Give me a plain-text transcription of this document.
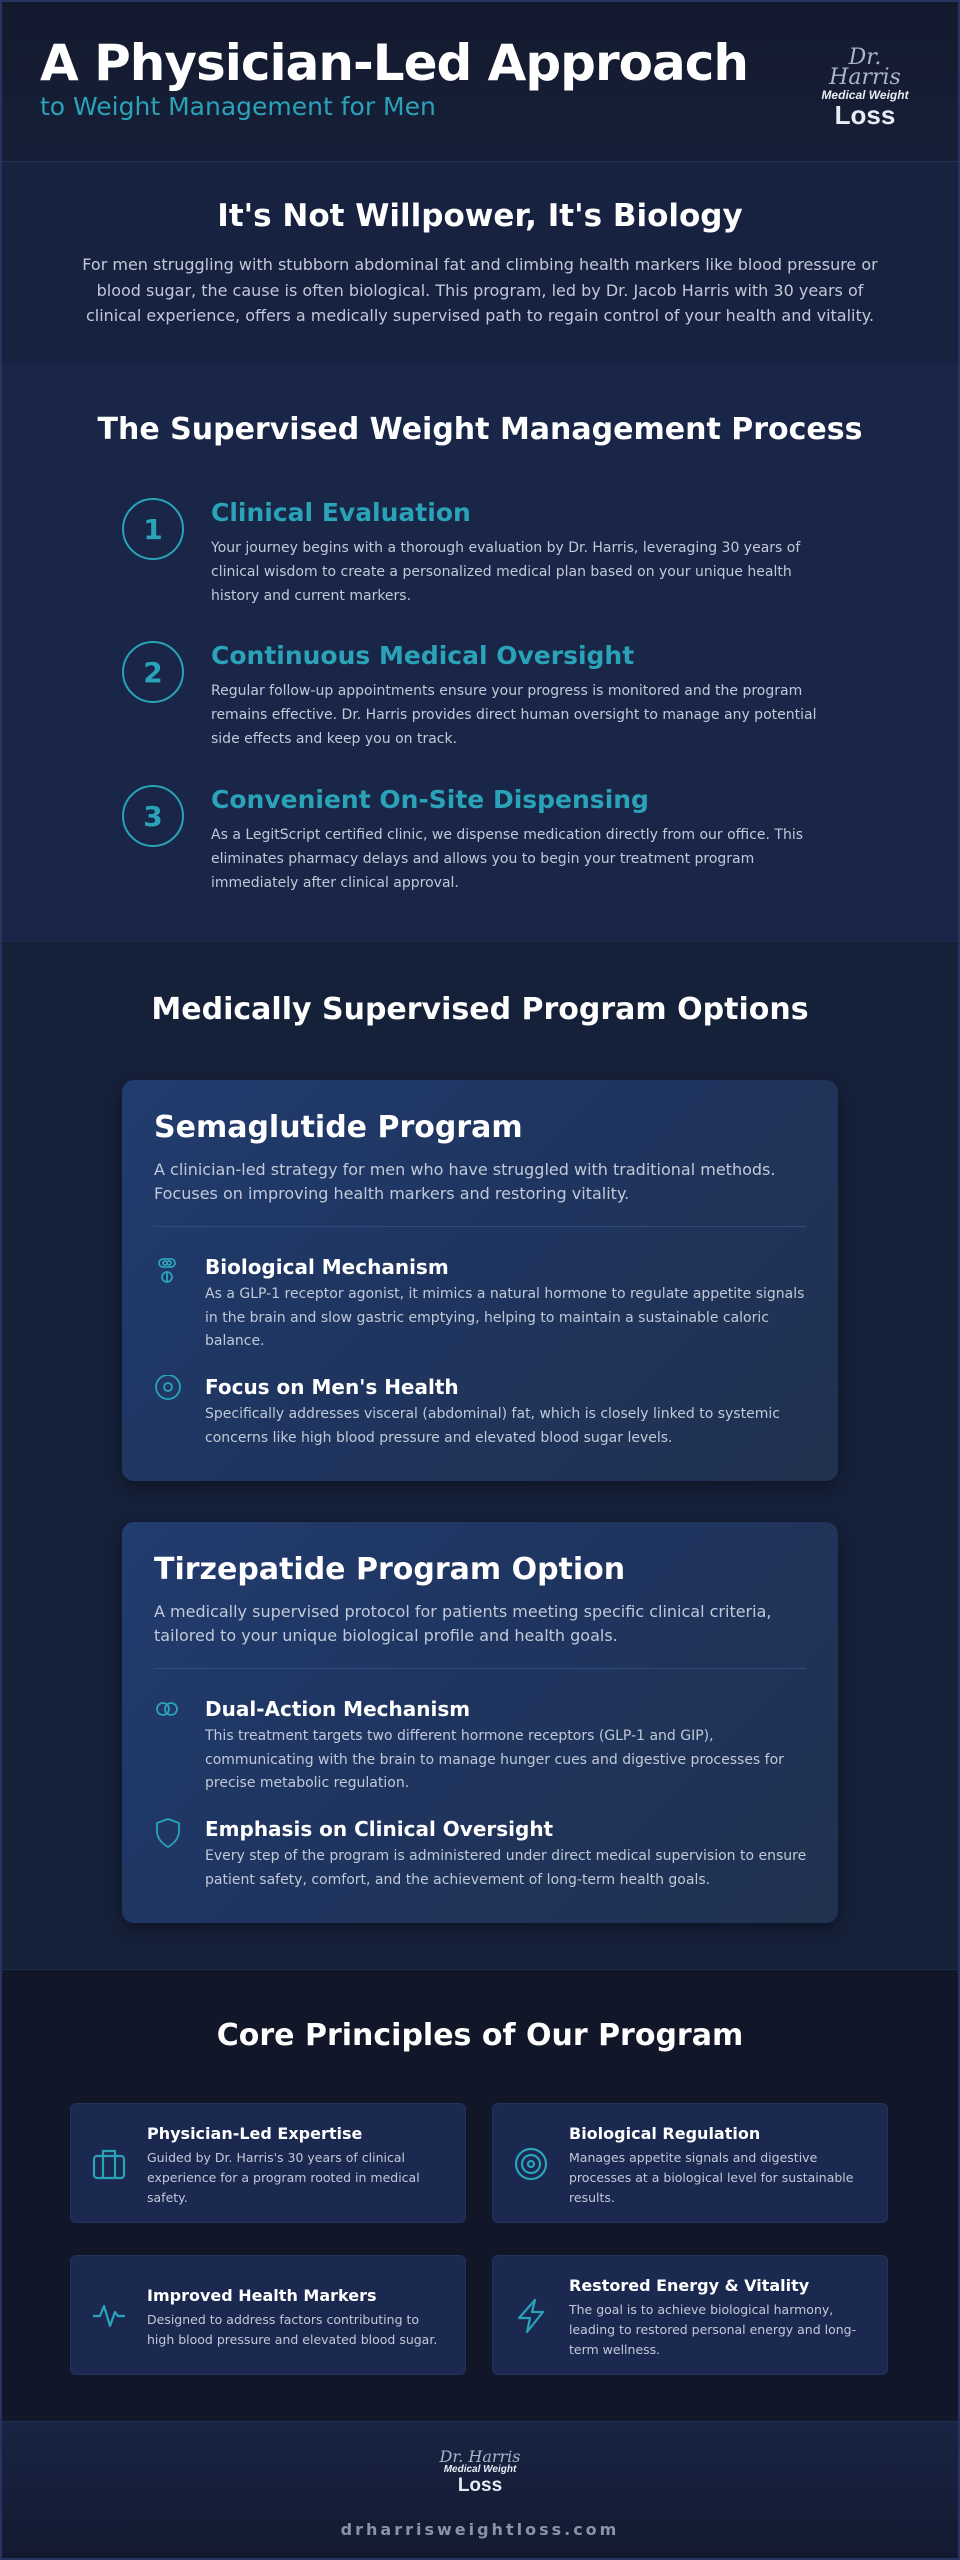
A Physician-Led Approach
to Weight Management for Men
Dr. Harris
Medical Weight
Loss
It's Not Willpower, It's Biology

For men struggling with stubborn abdominal fat and climbing health markers like blood pressure or blood sugar, the cause is often biological. This program, led by Dr. Jacob Harris with 30 years of clinical experience, offers a medically supervised path to regain control of your health and vitality.

The Supervised Weight Management Process
1	Clinical Evaluation

Your journey begins with a thorough evaluation by Dr. Harris, leveraging 30 years of clinical wisdom to create a personalized medical plan based on your unique health history and current markers.

2	Continuous Medical Oversight

Regular follow-up appointments ensure your progress is monitored and the program remains effective. Dr. Harris provides direct human oversight to manage any potential side effects and keep you on track.

3	Convenient On-Site Dispensing

As a LegitScript certified clinic, we dispense medication directly from our office. This eliminates pharmacy delays and allows you to begin your treatment program immediately after clinical approval.

Medically Supervised Program Options
Semaglutide Program

A clinician-led strategy for men who have struggled with traditional methods. Focuses on improving health markers and restoring vitality.

Biological Mechanism

As a GLP-1 receptor agonist, it mimics a natural hormone to regulate appetite signals in the brain and slow gastric emptying, helping to maintain a sustainable caloric balance.

Focus on Men's Health

Specifically addresses visceral (abdominal) fat, which is closely linked to systemic concerns like high blood pressure and elevated blood sugar levels.

Tirzepatide Program Option

A medically supervised protocol for patients meeting specific clinical criteria, tailored to your unique biological profile and health goals.

Dual-Action Mechanism

This treatment targets two different hormone receptors (GLP-1 and GIP), communicating with the brain to manage hunger cues and digestive processes for precise metabolic regulation.

Emphasis on Clinical Oversight

Every step of the program is administered under direct medical supervision to ensure patient safety, comfort, and the achievement of long-term health goals.

Core Principles of Our Program
Physician-Led Expertise

Guided by Dr. Harris's 30 years of clinical experience for a program rooted in medical safety.

Biological Regulation

Manages appetite signals and digestive processes at a biological level for sustainable results.

Improved Health Markers

Designed to address factors contributing to high blood pressure and elevated blood sugar.

Restored Energy & Vitality

The goal is to achieve biological harmony, leading to restored personal energy and long-term wellness.

Dr. Harris
Medical Weight
Loss
drharrisweightloss.com
